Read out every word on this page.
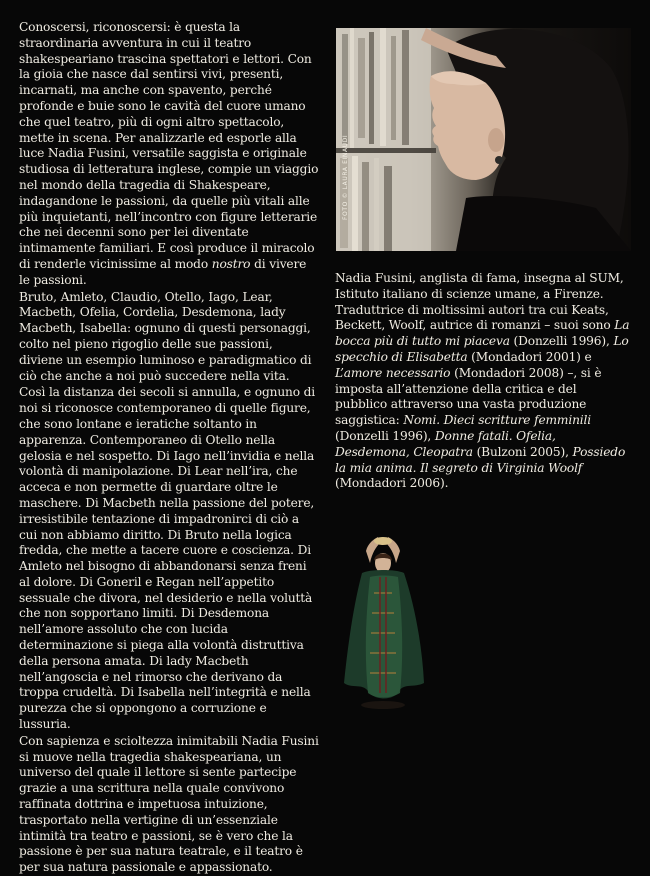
Conoscersi, riconoscersi: è questa la straordinaria avventura in cui il teatro shakespeariano trascina spettatori e lettori. Con la gioia che nasce dal sentirsi vivi, presenti, incarnati, ma anche con spavento, perché profonde e buie sono le cavità del cuore umano che quel teatro, più di ogni altro spettacolo, mette in scena. Per analizzarle ed esporle alla luce Nadia Fusini, versatile saggista e originale studiosa di letteratura inglese, compie un viaggio nel mondo della tragedia di Shakespeare, indagandone le passioni, da quelle più vitali alle più inquietanti, nell’incontro con figure letterarie che nei decenni sono per lei diventate intimamente familiari. E così produce il miracolo di renderle vicinissime al modo nostro di vivere le passioni.

Bruto, Amleto, Claudio, Otello, Iago, Lear, Macbeth, Ofelia, Cordelia, Desdemona, lady Macbeth, Isabella: ognuno di questi personaggi, colto nel pieno rigoglio delle sue passioni, diviene un esempio luminoso e paradigmatico di ciò che anche a noi può succedere nella vita.

Così la distanza dei secoli si annulla, e ognuno di noi si riconosce contemporaneo di quelle figure, che sono lontane e ieratiche soltanto in apparenza. Contemporaneo di Otello nella gelosia e nel sospetto. Di Iago nell’invidia e nella volontà di manipolazione. Di Lear nell’ira, che acceca e non permette di guardare oltre le maschere. Di Macbeth nella passione del potere, irresistibile tentazione di impadronirci di ciò a cui non abbiamo diritto. Di Bruto nella logica fredda, che mette a tacere cuore e coscienza. Di Amleto nel bisogno di abbandonarsi senza freni al dolore. Di Goneril e Regan nell’appetito sessuale che divora, nel desiderio e nella voluttà che non sopportano limiti. Di Desdemona nell’amore assoluto che con lucida determinazione si piega alla volontà distruttiva della persona amata. Di lady Macbeth nell’angoscia e nel rimorso che derivano da troppa crudeltà. Di Isabella nell’integrità e nella purezza che si oppongono a corruzione e lussuria.

Con sapienza e scioltezza inimitabili Nadia Fusini si muove nella tragedia shakespeariana, un universo del quale il lettore si sente partecipe grazie a una scrittura nella quale convivono raffinata dottrina e impetuosa intuizione, trasportato nella vertigine di un’essenziale intimità tra teatro e passioni, se è vero che la passione è per sua natura teatrale, e il teatro è per sua natura passionale e appassionato.

FOTO © LAURA EINAUDI

Nadia Fusini, anglista di fama, insegna al SUM, Istituto italiano di scienze umane, a Firenze. Traduttrice di moltissimi autori tra cui Keats, Beckett, Woolf, autrice di romanzi – suoi sono La bocca più di tutto mi piaceva (Donzelli 1996), Lo specchio di Elisabetta (Mondadori 2001) e L’amore necessario (Mondadori 2008) –, si è imposta all’attenzione della critica e del pubblico attraverso una vasta produzione saggistica: Nomi. Dieci scritture femminili (Donzelli 1996), Donne fatali. Ofelia, Desdemona, Cleopatra (Bulzoni 2005), Possiedo la mia anima. Il segreto di Virginia Woolf (Mondadori 2006).
